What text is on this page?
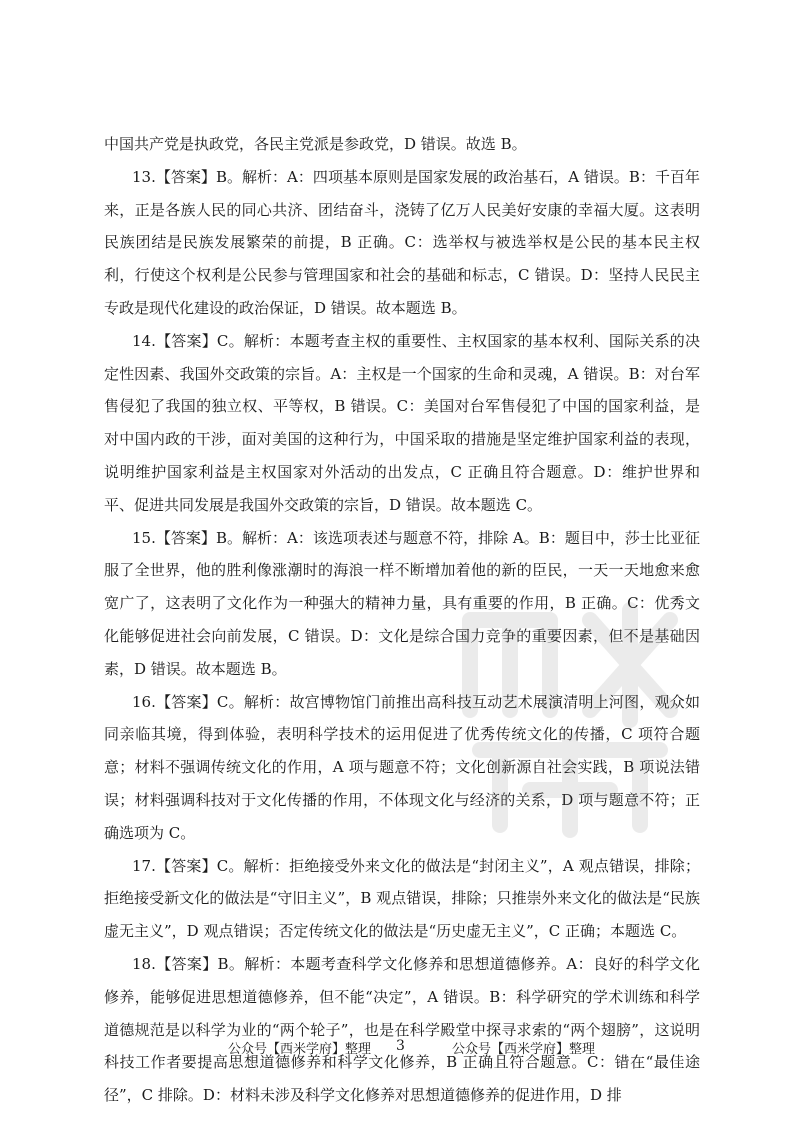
中国共产党是执政党，各民主党派是参政党，D 错误。故选 B。

13.【答案】B。解析：A：四项基本原则是国家发展的政治基石，A 错误。B：千百年来，正是各族人民的同心共济、团结奋斗，浇铸了亿万人民美好安康的幸福大厦。这表明民族团结是民族发展繁荣的前提，B 正确。C：选举权与被选举权是公民的基本民主权利，行使这个权利是公民参与管理国家和社会的基础和标志，C 错误。D：坚持人民民主专政是现代化建设的政治保证，D 错误。故本题选 B。

14.【答案】C。解析：本题考查主权的重要性、主权国家的基本权利、国际关系的决定性因素、我国外交政策的宗旨。A：主权是一个国家的生命和灵魂，A 错误。B：对台军售侵犯了我国的独立权、平等权，B 错误。C：美国对台军售侵犯了中国的国家利益，是对中国内政的干涉，面对美国的这种行为，中国采取的措施是坚定维护国家利益的表现，说明维护国家利益是主权国家对外活动的出发点，C 正确且符合题意。D：维护世界和平、促进共同发展是我国外交政策的宗旨，D 错误。故本题选 C。

15.【答案】B。解析：A：该选项表述与题意不符，排除 A。B：题目中，莎士比亚征服了全世界，他的胜利像涨潮时的海浪一样不断增加着他的新的臣民，一天一天地愈来愈宽广了，这表明了文化作为一种强大的精神力量，具有重要的作用，B 正确。C：优秀文化能够促进社会向前发展，C 错误。D：文化是综合国力竞争的重要因素，但不是基础因素，D 错误。故本题选 B。

16.【答案】C。解析：故宫博物馆门前推出高科技互动艺术展演清明上河图，观众如同亲临其境，得到体验，表明科学技术的运用促进了优秀传统文化的传播，C 项符合题意；材料不强调传统文化的作用，A 项与题意不符；文化创新源自社会实践，B 项说法错误；材料强调科技对于文化传播的作用，不体现文化与经济的关系，D 项与题意不符；正确选项为 C。

17.【答案】C。解析：拒绝接受外来文化的做法是“封闭主义”，A 观点错误，排除；拒绝接受新文化的做法是“守旧主义”，B 观点错误，排除；只推崇外来文化的做法是“民族虚无主义”，D 观点错误；否定传统文化的做法是“历史虚无主义”，C 正确；本题选 C。

18.【答案】B。解析：本题考查科学文化修养和思想道德修养。A：良好的科学文化修养，能够促进思想道德修养，但不能“决定”，A 错误。B：科学研究的学术训练和科学道德规范是以科学为业的“两个轮子”，也是在科学殿堂中探寻求索的“两个翅膀”，这说明科技工作者要提高思想道德修养和科学文化修养，B 正确且符合题意。C：错在“最佳途径”，C 排除。D：材料未涉及科学文化修养对思想道德修养的促进作用，D 排

公众号【西米学府】整理 3	公众号【西米学府】整理
